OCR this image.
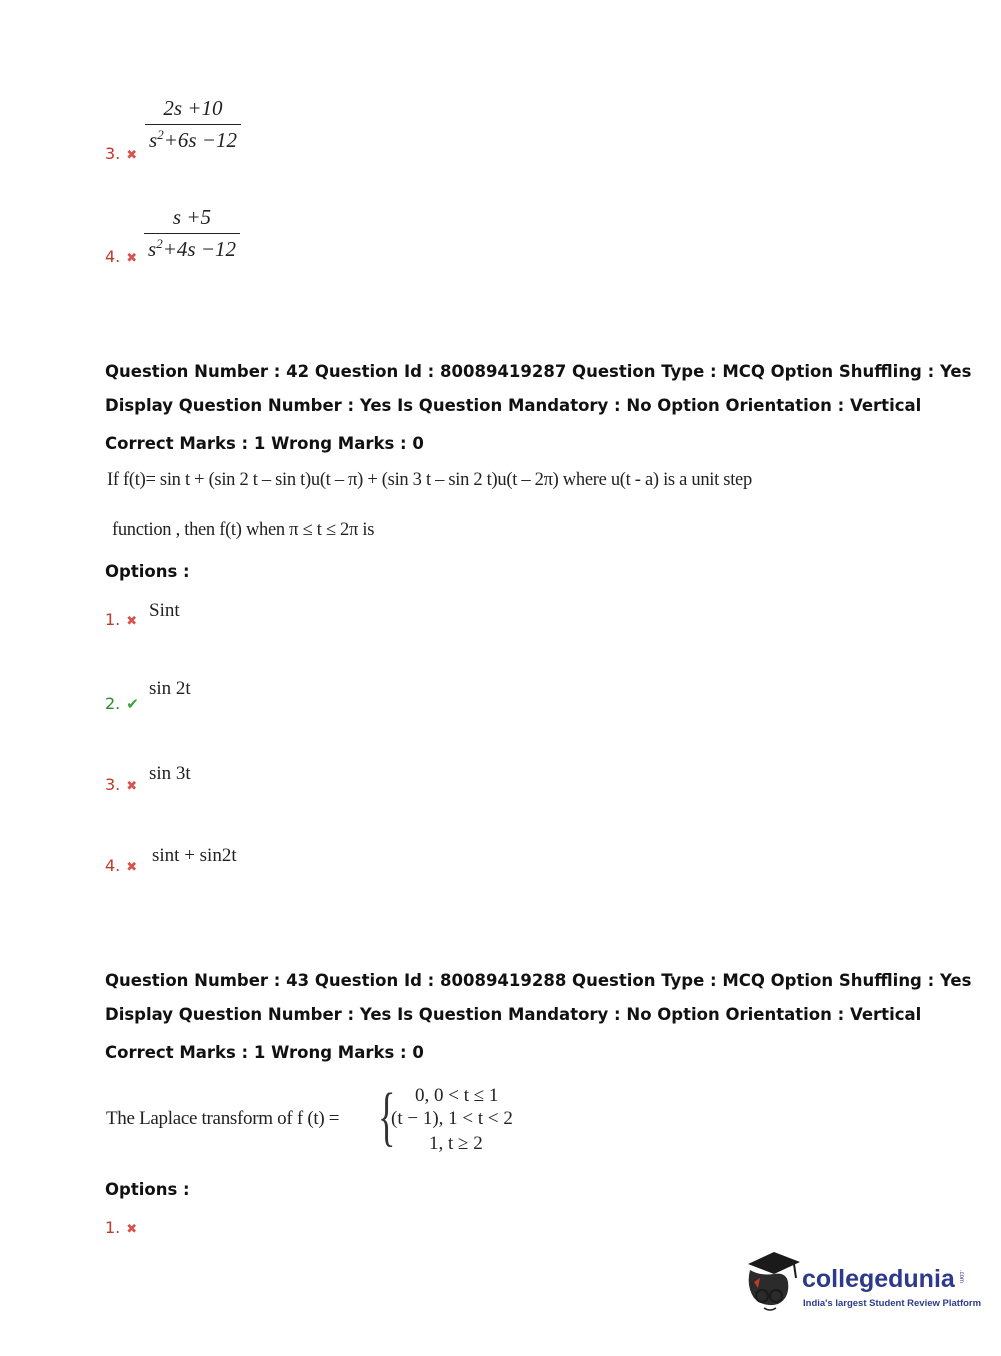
3. ✖
$\frac{2s +10}{s^2+6s -12}$
4. ✖ $\frac{s +5}{s^2+4s -12}$
Question Number : 42 Question Id : 80089419287 Question Type : MCQ Option Shuffling : Yes
Display Question Number : Yes Is Question Mandatory : No Option Orientation : Vertical
Correct Marks : 1 Wrong Marks : 0
If f(t)= sin t + (sin 2 t – sin t)u(t – π) + (sin 3 t – sin 2 t)u(t – 2π) where u(t - a) is a unit step
function , then f(t) when π ≤ t ≤ 2π is
Options :
1. ✖
Sint
2. ✔
sin 2t
3. ✖
sin 3t
4. ✖
sint + sin2t
Question Number : 43 Question Id : 80089419288 Question Type : MCQ Option Shuffling : Yes
Display Question Number : Yes Is Question Mandatory : No Option Orientation : Vertical
Correct Marks : 1 Wrong Marks : 0
The Laplace transform of f (t) = { 0, 0 < t ≤ 1
(t − 1), 1 < t < 2
1, t ≥ 2
Options :
1. ✖
collegedunia .com
India's largest Student Review Platform
